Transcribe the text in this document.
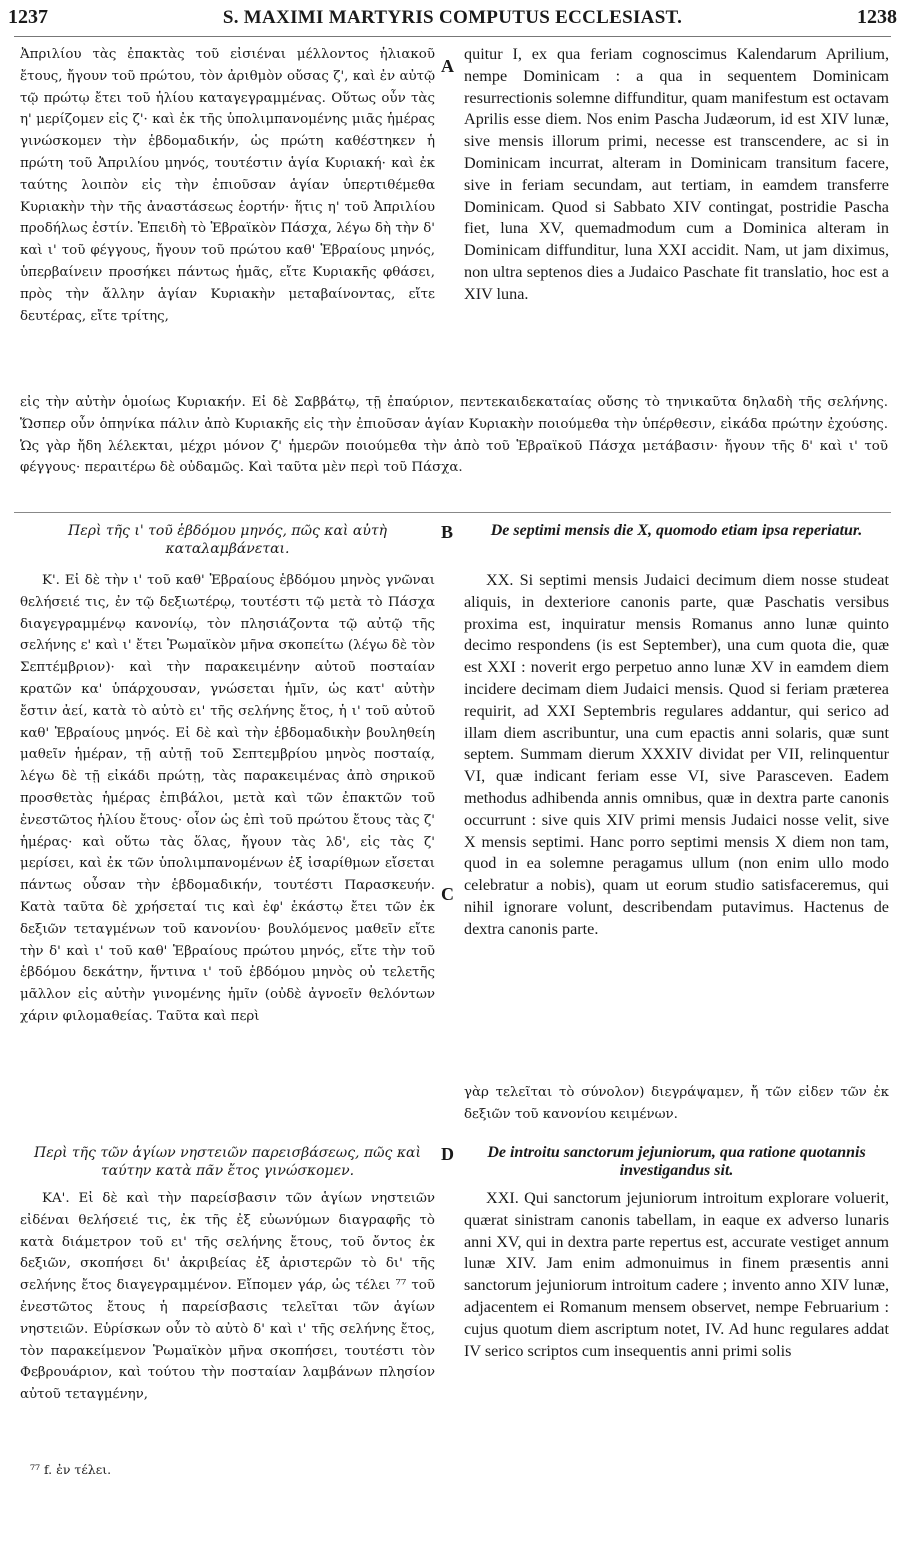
1237	S. MAXIMI MARTYRIS COMPUTUS ECCLESIAST.	1238

Ἀπριλίου τὰς ἐπακτὰς τοῦ εἰσιέναι μέλλοντος ἡλιακοῦ ἔτους, ἤγουν τοῦ πρώτου, τὸν ἀριθμὸν οὔσας ζ', καὶ ἐν αὐτῷ τῷ πρώτῳ ἔτει τοῦ ἡλίου καταγεγραμμένας. Οὕτως οὖν τὰς η' μερίζομεν εἰς ζ'· καὶ ἐκ τῆς ὑπολιμπανομένης μιᾶς ἡμέρας γινώσκομεν τὴν ἑβδομαδικήν, ὡς πρώτη καθέστηκεν ἡ πρώτη τοῦ Ἀπριλίου μηνός, τουτέστιν ἁγία Κυριακή· καὶ ἐκ ταύτης λοιπὸν εἰς τὴν ἐπιοῦσαν ἁγίαν ὑπερτιθέμεθα Κυριακὴν τὴν τῆς ἀναστάσεως ἑορτήν· ἥτις η' τοῦ Ἀπριλίου προδήλως ἐστίν. Ἐπειδὴ τὸ Ἑβραϊκὸν Πάσχα, λέγω δὴ τὴν δ' καὶ ι' τοῦ φέγγους, ἤγουν τοῦ πρώτου καθ' Ἑβραίους μηνός, ὑπερβαίνειν προσήκει πάντως ἡμᾶς, εἴτε Κυριακῆς φθάσει, πρὸς τὴν ἄλλην ἁγίαν Κυριακὴν μεταβαίνοντας, εἴτε δευτέρας, εἴτε τρίτης,

A

quitur I, ex qua feriam cognoscimus Kalendarum Aprilium, nempe Dominicam : a qua in sequentem Dominicam resurrectionis solemne diffunditur, quam manifestum est octavam Aprilis esse diem. Nos enim Pascha Judæorum, id est XIV lunæ, sive mensis illorum primi, necesse est transcendere, ac si in Dominicam incurrat, alteram in Dominicam transitum facere, sive in feriam secundam, aut tertiam, in eamdem transferre Dominicam. Quod si Sabbato XIV contingat, postridie Pascha fiet, luna XV, quemadmodum cum a Dominica alteram in Dominicam diffunditur, luna XXI accidit. Nam, ut jam diximus, non ultra septenos dies a Judaico Paschate fit translatio, hoc est a XIV luna.

εἰς τὴν αὐτὴν ὁμοίως Κυριακήν. Εἰ δὲ Σαββάτῳ, τῇ ἐπαύριον, πεντεκαιδεκαταίας οὔσης τὸ τηνικαῦτα δηλαδὴ τῆς σελήνης. Ὥσπερ οὖν ὁπηνίκα πάλιν ἀπὸ Κυριακῆς εἰς τὴν ἐπιοῦσαν ἁγίαν Κυριακὴν ποιούμεθα τὴν ὑπέρθεσιν, εἰκάδα πρώτην ἐχούσης. Ὡς γὰρ ἤδη λέλεκται, μέχρι μόνον ζ' ἡμερῶν ποιούμεθα τὴν ἀπὸ τοῦ Ἑβραϊκοῦ Πάσχα μετάβασιν· ἤγουν τῆς δ' καὶ ι' τοῦ φέγγους· περαιτέρω δὲ οὐδαμῶς. Καὶ ταῦτα μὲν περὶ τοῦ Πάσχα.

Περὶ τῆς ι' τοῦ ἑβδόμου μηνός, πῶς καὶ αὐτὴ καταλαμβάνεται.
B	De septimi mensis die X, quomodo etiam ipsa reperiatur.

Κ'. Εἰ δὲ τὴν ι' τοῦ καθ' Ἑβραίους ἑβδόμου μηνὸς γνῶναι θελήσειέ τις, ἐν τῷ δεξιωτέρῳ, τουτέστι τῷ μετὰ τὸ Πάσχα διαγεγραμμένῳ κανονίῳ, τὸν πλησιάζοντα τῷ αὐτῷ τῆς σελήνης ε' καὶ ι' ἔτει Ῥωμαϊκὸν μῆνα σκοπείτω (λέγω δὲ τὸν Σεπτέμβριον)· καὶ τὴν παρακειμένην αὐτοῦ ποσταίαν κρατῶν κα' ὑπάρχουσαν, γνώσεται ἡμῖν, ὡς κατ' αὐτὴν ἔστιν ἀεί, κατὰ τὸ αὐτὸ ει' τῆς σελήνης ἔτος, ἡ ι' τοῦ αὐτοῦ καθ' Ἑβραίους μηνός. Εἰ δὲ καὶ τὴν ἑβδομαδικὴν βουληθείη μαθεῖν ἡμέραν, τῇ αὐτῇ τοῦ Σεπτεμβρίου μηνὸς ποσταίᾳ, λέγω δὲ τῇ εἰκάδι πρώτῃ, τὰς παρακειμένας ἀπὸ σηρικοῦ προσθετὰς ἡμέρας ἐπιβάλοι, μετὰ καὶ τῶν ἐπακτῶν τοῦ ἐνεστῶτος ἡλίου ἔτους· οἷον ὡς ἐπὶ τοῦ πρώτου ἔτους τὰς ζ' ἡμέρας· καὶ οὕτω τὰς ὅλας, ἤγουν τὰς λδ', εἰς τὰς ζ' μερίσει, καὶ ἐκ τῶν ὑπολιμπανομένων ἐξ ἰσαρίθμων εἴσεται πάντως οὖσαν τὴν ἑβδομαδικήν, τουτέστι Παρασκευήν. Κατὰ ταῦτα δὲ χρήσεταί τις καὶ ἐφ' ἑκάστῳ ἔτει τῶν ἐκ δεξιῶν τεταγμένων τοῦ κανονίου· βουλόμενος μαθεῖν εἴτε τὴν δ' καὶ ι' τοῦ καθ' Ἑβραίους πρώτου μηνός, εἴτε τὴν τοῦ ἑβδόμου δεκάτην, ἥντινα ι' τοῦ ἑβδόμου μηνὸς οὐ τελετῆς μᾶλλον εἰς αὐτὴν γινομένης ἡμῖν (οὐδὲ ἀγνοεῖν θελόντων χάριν φιλομαθείας. Ταῦτα καὶ περὶ

C

XX. Si septimi mensis Judaici decimum diem nosse studeat aliquis, in dexteriore canonis parte, quæ Paschatis versibus proxima est, inquiratur mensis Romanus anno lunæ quinto decimo respondens (is est September), una cum quota die, quæ est XXI : noverit ergo perpetuo anno lunæ XV in eamdem diem incidere decimam diem Judaici mensis. Quod si feriam præterea requirit, ad XXI Septembris regulares addantur, qui serico ad illam diem ascribuntur, una cum epactis anni solaris, quæ sunt septem. Summam dierum XXXIV dividat per VII, relinquentur VI, quæ indicant feriam esse VI, sive Parasceven. Eadem methodus adhibenda annis omnibus, quæ in dextra parte canonis occurrunt : sive quis XIV primi mensis Judaici nosse velit, sive X mensis septimi. Hanc porro septimi mensis X diem non tam, quod in ea solemne peragamus ullum (non enim ullo modo celebratur a nobis), quam ut eorum studio satisfaceremus, qui nihil ignorare volunt, describendam putavimus. Hactenus de dextra canonis parte.

γὰρ τελεῖται τὸ σύνολον) διεγράψαμεν, ἤ τῶν εἰδεν τῶν ἐκ δεξιῶν τοῦ κανονίου κειμένων.

Περὶ τῆς τῶν ἁγίων νηστειῶν παρεισβάσεως, πῶς καὶ ταύτην κατὰ πᾶν ἔτος γινώσκομεν.
D	De introitu sanctorum jejuniorum, qua ratione quotannis investigandus sit.

ΚΑ'. Εἰ δὲ καὶ τὴν παρείσβασιν τῶν ἁγίων νηστειῶν εἰδέναι θελήσειέ τις, ἐκ τῆς ἐξ εὐωνύμων διαγραφῆς τὸ κατὰ διάμετρον τοῦ ει' τῆς σελήνης ἔτους, τοῦ ὄντος ἐκ δεξιῶν, σκοπήσει δι' ἀκριβείας ἐξ ἀριστερῶν τὸ δι' τῆς σελήνης ἔτος διαγεγραμμένον. Εἴπομεν γάρ, ὡς τέλει ⁷⁷ τοῦ ἐνεστῶτος ἔτους ἡ παρείσβασις τελεῖται τῶν ἁγίων νηστειῶν. Εὑρίσκων οὖν τὸ αὐτὸ δ' καὶ ι' τῆς σελήνης ἔτος, τὸν παρακείμενον Ῥωμαϊκὸν μῆνα σκοπήσει, τουτέστι τὸν Φεβρουάριον, καὶ τούτου τὴν ποσταίαν λαμβάνων πλησίον αὐτοῦ τεταγμένην,

XXI. Qui sanctorum jejuniorum introitum explorare voluerit, quærat sinistram canonis tabellam, in eaque ex adverso lunaris anni XV, qui in dextra parte repertus est, accurate vestiget annum lunæ XIV. Jam enim admonuimus in finem præsentis anni sanctorum jejuniorum introitum cadere ; invento anno XIV lunæ, adjacentem ei Romanum mensem observet, nempe Februarium : cujus quotum diem ascriptum notet, IV. Ad hunc regulares addat IV serico scriptos cum insequentis anni primi solis

⁷⁷ f. ἐν τέλει.
